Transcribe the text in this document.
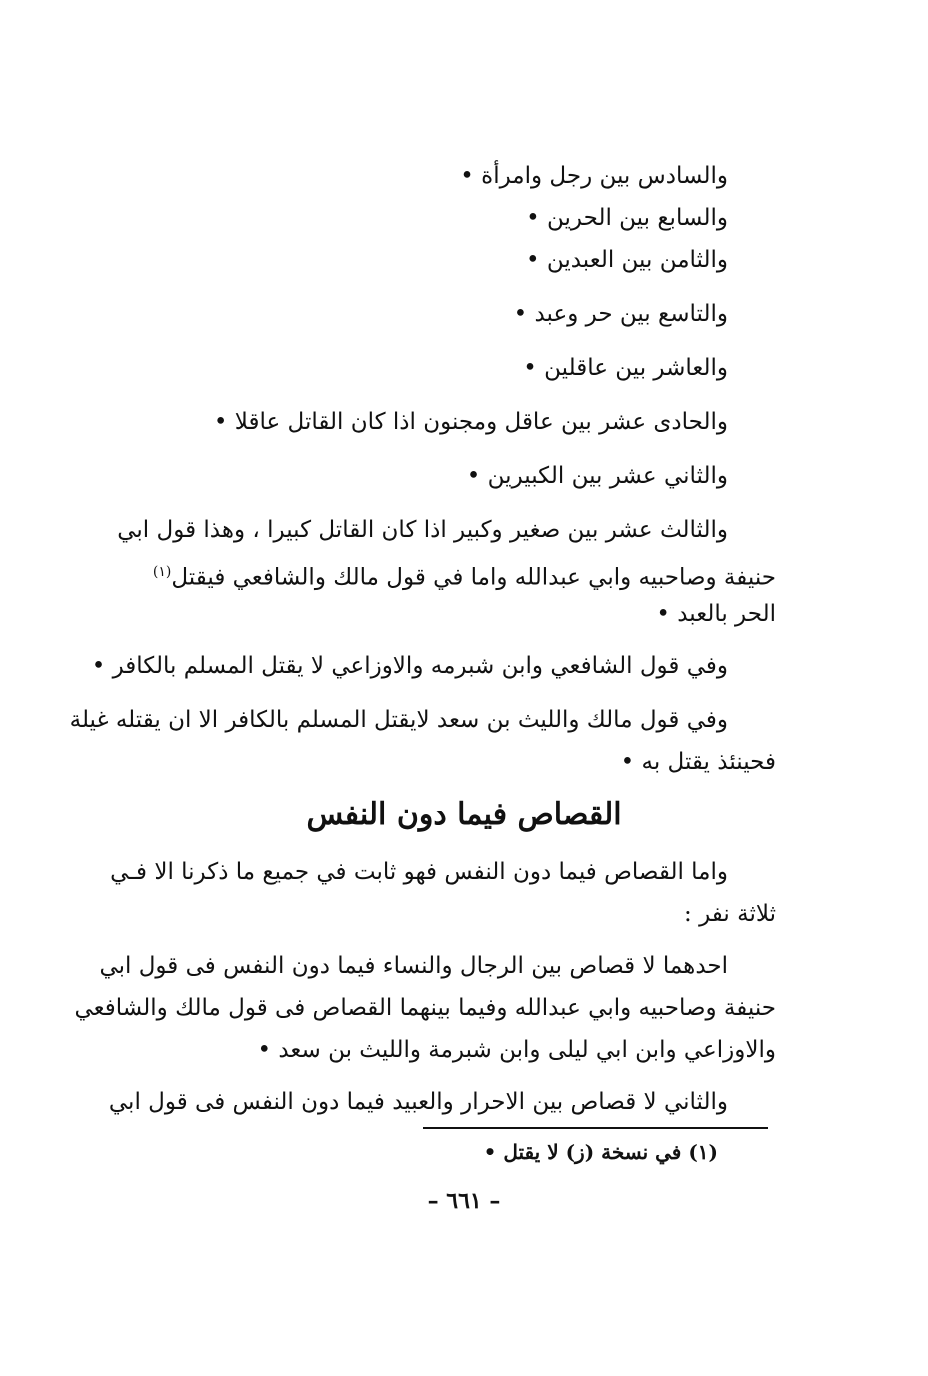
والسادس بين رجل وامرأة •

والسابع بين الحرين •

والثامن بين العبدين •

والتاسع بين حر وعبد •

والعاشر بين عاقلين •

والحادى عشر بين عاقل ومجنون اذا كان القاتل عاقلا •

والثاني عشر بين الكبيرين •

والثالث عشر بين صغير وكبير اذا كان القاتل كبيرا ، وهذا قول ابي

حنيفة وصاحبيه وابي عبدالله واما في قول مالك والشافعي فيقتل$^{(١)}$

الحر بالعبد •

وفي قول الشافعي وابن شبرمه والاوزاعي لا يقتل المسلم بالكافر •

وفي قول مالك والليث بن سعد لايقتل المسلم بالكافر الا ان يقتله غيلة

فحينئذ يقتل به •

القصاص فيما دون النفس

واما القصاص فيما دون النفس فهو ثابت في جميع ما ذكرنا الا فـي

ثلاثة نفر :

احدهما لا قصاص بين الرجال والنساء فيما دون النفس فى قول ابي

حنيفة وصاحبيه وابي عبدالله وفيما بينهما القصاص فى قول مالك والشافعي

والاوزاعي وابن ابي ليلى وابن شبرمة والليث بن سعد •

والثاني لا قصاص بين الاحرار والعبيد فيما دون النفس فى قول ابي

(١) في نسخة (ز) لا يقتل •

– ٦٦١ –
